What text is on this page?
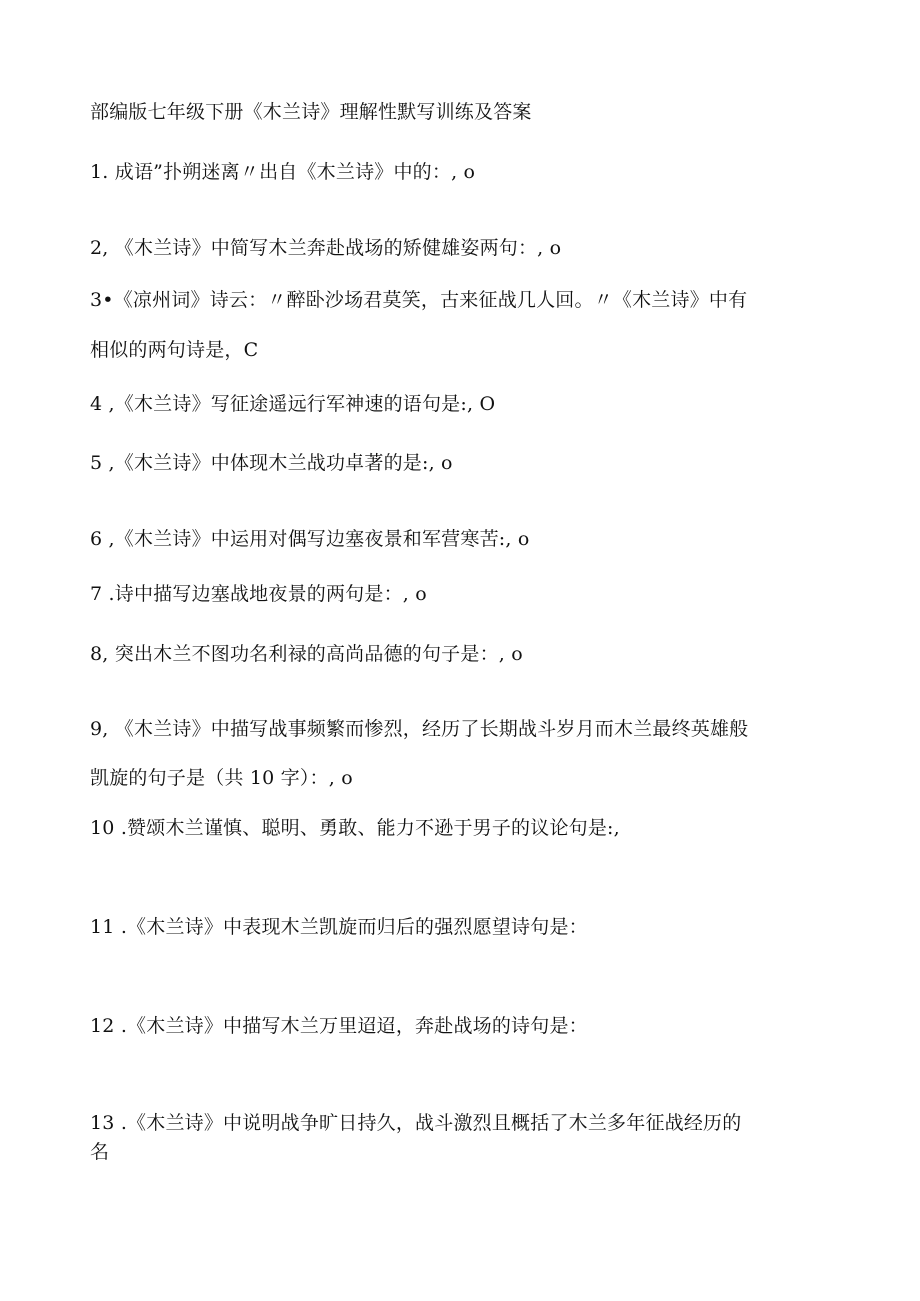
部编版七年级下册《木兰诗》理解性默写训练及答案
1. 成语”扑朔迷离〃出自《木兰诗》中的：, o
2, 《木兰诗》中简写木兰奔赴战场的矫健雄姿两句：, o
3•《凉州词》诗云：〃醉卧沙场君莫笑，古来征战几人回。〃《木兰诗》中有
相似的两句诗是，C
4 ,《木兰诗》写征途遥远行军神速的语句是:, O
5 ,《木兰诗》中体现木兰战功卓著的是:, o
6 ,《木兰诗》中运用对偶写边塞夜景和军营寒苦:, o
7 .诗中描写边塞战地夜景的两句是：, o
8, 突出木兰不图功名利禄的高尚品德的句子是：, o
9, 《木兰诗》中描写战事频繁而惨烈，经历了长期战斗岁月而木兰最终英雄般
凯旋的句子是（共 10 字）：, o
10 .赞颂木兰谨慎、聪明、勇敢、能力不逊于男子的议论句是:,
11 .《木兰诗》中表现木兰凯旋而归后的强烈愿望诗句是：
12 .《木兰诗》中描写木兰万里迢迢，奔赴战场的诗句是：
13 .《木兰诗》中说明战争旷日持久，战斗激烈且概括了木兰多年征战经历的
名
